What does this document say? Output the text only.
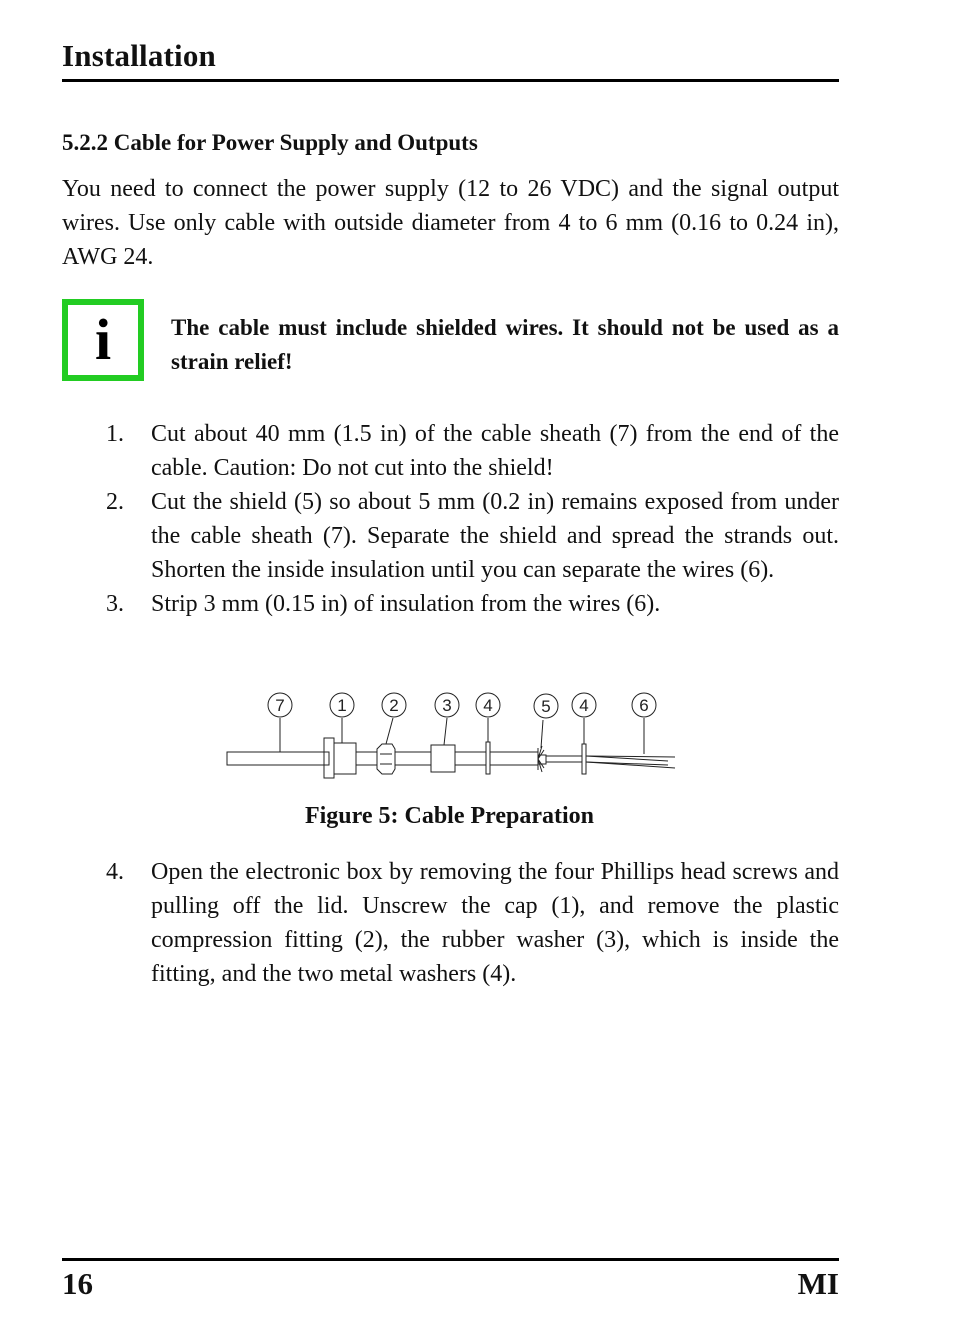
Installation
5.2.2 Cable for Power Supply and Outputs

You need to connect the power supply (12 to 26 VDC) and the signal output wires. Use only cable with outside diameter from 4 to 6 mm (0.16 to 0.24 in), AWG 24.

i	The cable must include shielded wires. It should not be used as a strain relief!

1. Cut about 40 mm (1.5 in) of the cable sheath (7) from the end of the cable. Caution: Do not cut into the shield!
2. Cut the shield (5) so about 5 mm (0.2 in) remains exposed from under the cable sheath (7). Separate the shield and spread the strands out. Shorten the inside insulation until you can separate the wires (6).
3. Strip 3 mm (0.15 in) of insulation from the wires (6).
7	1	2	3 4	5 4	6
Figure 5: Cable Preparation
4. Open the electronic box by removing the four Phillips head screws and pulling off the lid. Unscrew the cap (1), and remove the plastic compression fitting (2), the rubber washer (3), which is inside the fitting, and the two metal washers (4).
16	MI
